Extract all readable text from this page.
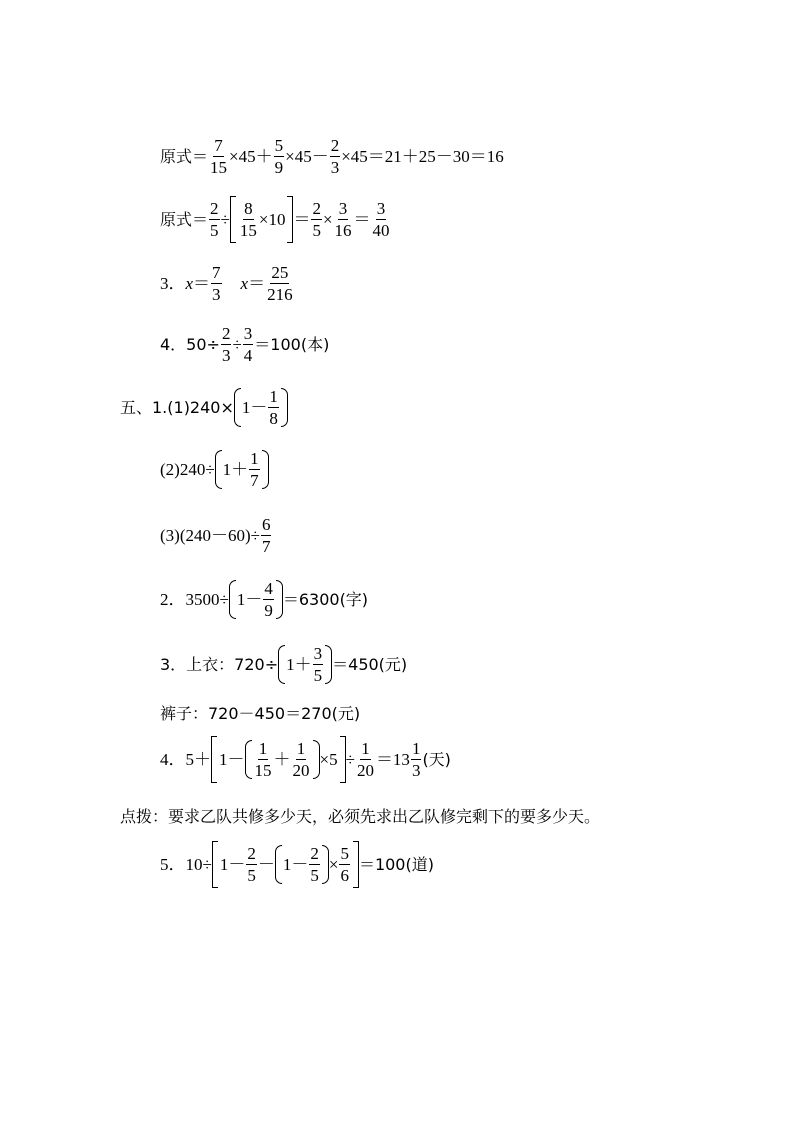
原式＝ $\frac{7}{15} \times 45+ \frac{5}{9} \times 45- \frac{2}{3} \times 45=21+25-30=16$
原式＝ $\frac{2}{5} \div \frac{8}{15} \times 10 = \frac{2}{5} \times \frac{3}{16} = \frac{3}{40}$
3．$x= \frac{7}{3} x= \frac{25}{216}$
4．$50\div \frac{2}{3} \div \frac{3}{4} =100$(本)
五、$1.(1)240\times 1- \frac{1}{8}$
$(2)240\div 1+ \frac{1}{7}$
$(3)(240-60)\div \frac{6}{7}$
2．$3500\div 1- \frac{4}{9} =6300$(字)
3．上衣：$720\div 1+ \frac{3}{5} =450$(元)
裤子：720－450＝270(元)
4．$5+ 1- \frac{1}{15} + \frac{1}{20} \times 5 \div \frac{1}{20} =13 \frac{1}{3}$ (天)
点拨：要求乙队共修多少天，必须先求出乙队修完剩下的要多少天。
5．$10\div 1- \frac{2}{5} - 1- \frac{2}{5} \times \frac{5}{6} =100$(道)
